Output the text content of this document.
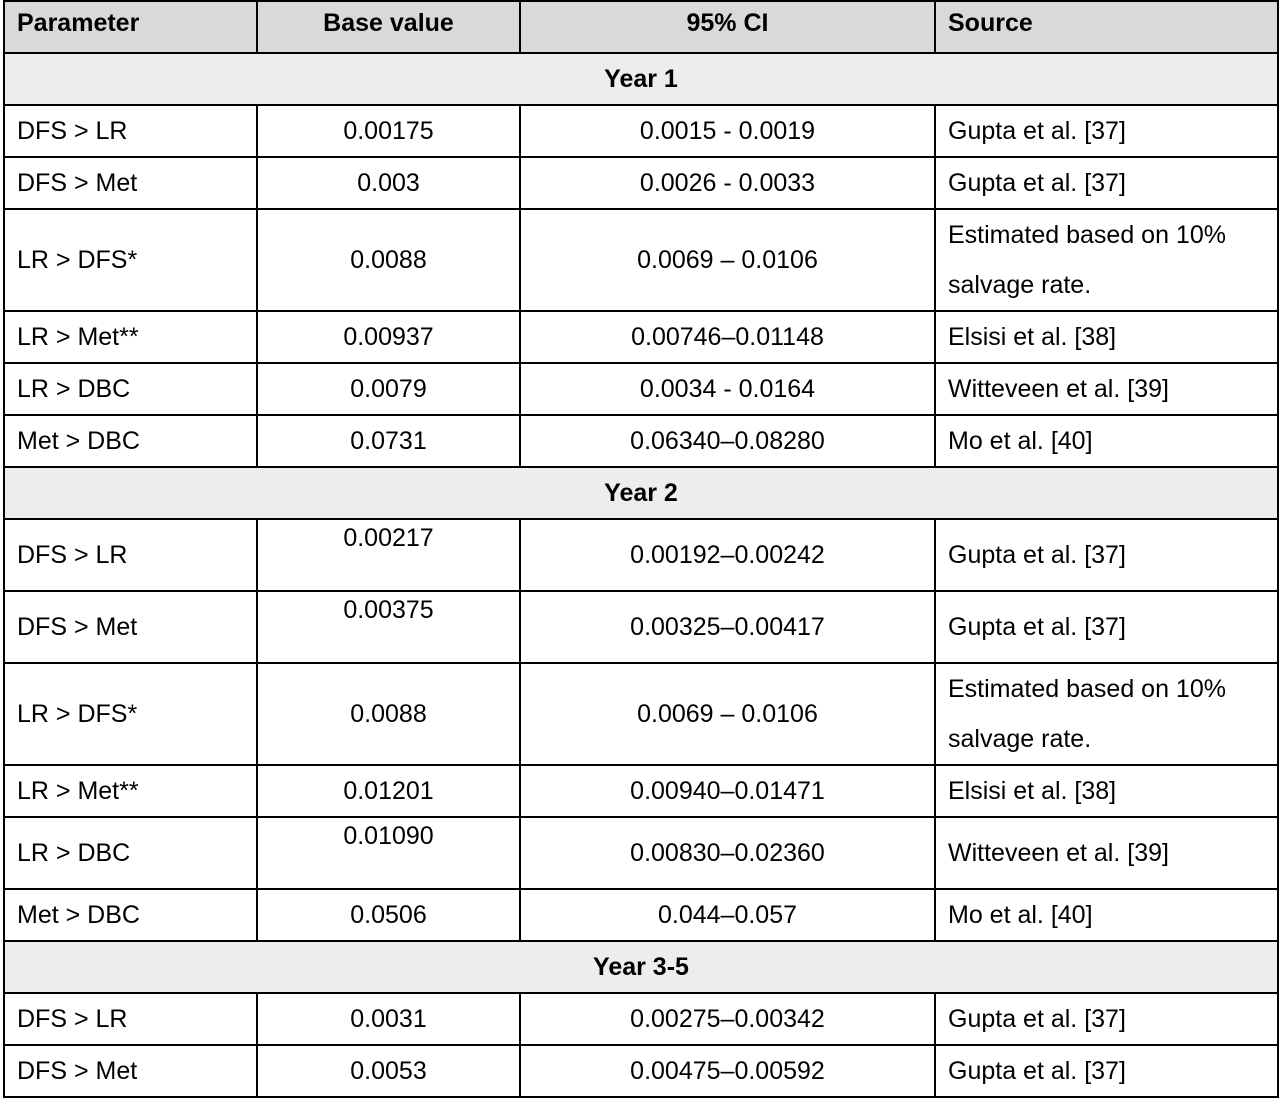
Parameter	Base value	95% CI	Source
Year 1			
DFS > LR	0.00175	0.0015 - 0.0019	Gupta et al. [37]
DFS > Met	0.003	0.0026 - 0.0033	Gupta et al. [37]
LR > DFS*	0.0088	0.0069 – 0.0106	Estimated based on 10% salvage rate.
LR > Met**	0.00937	0.00746–0.01148	Elsisi et al. [38]
LR > DBC	0.0079	0.0034 - 0.0164	Witteveen et al. [39]
Met > DBC	0.0731	0.06340–0.08280	Mo et al. [40]
Year 2			
DFS > LR	0.00217	0.00192–0.00242	Gupta et al. [37]
DFS > Met	0.00375	0.00325–0.00417	Gupta et al. [37]
LR > DFS*	0.0088	0.0069 – 0.0106	Estimated based on 10% salvage rate.
LR > Met**	0.01201	0.00940–0.01471	Elsisi et al. [38]
LR > DBC	0.01090	0.00830–0.02360	Witteveen et al. [39]
Met > DBC	0.0506	0.044–0.057	Mo et al. [40]
Year 3-5			
DFS > LR	0.0031	0.00275–0.00342	Gupta et al. [37]
DFS > Met	0.0053	0.00475–0.00592	Gupta et al. [37]
